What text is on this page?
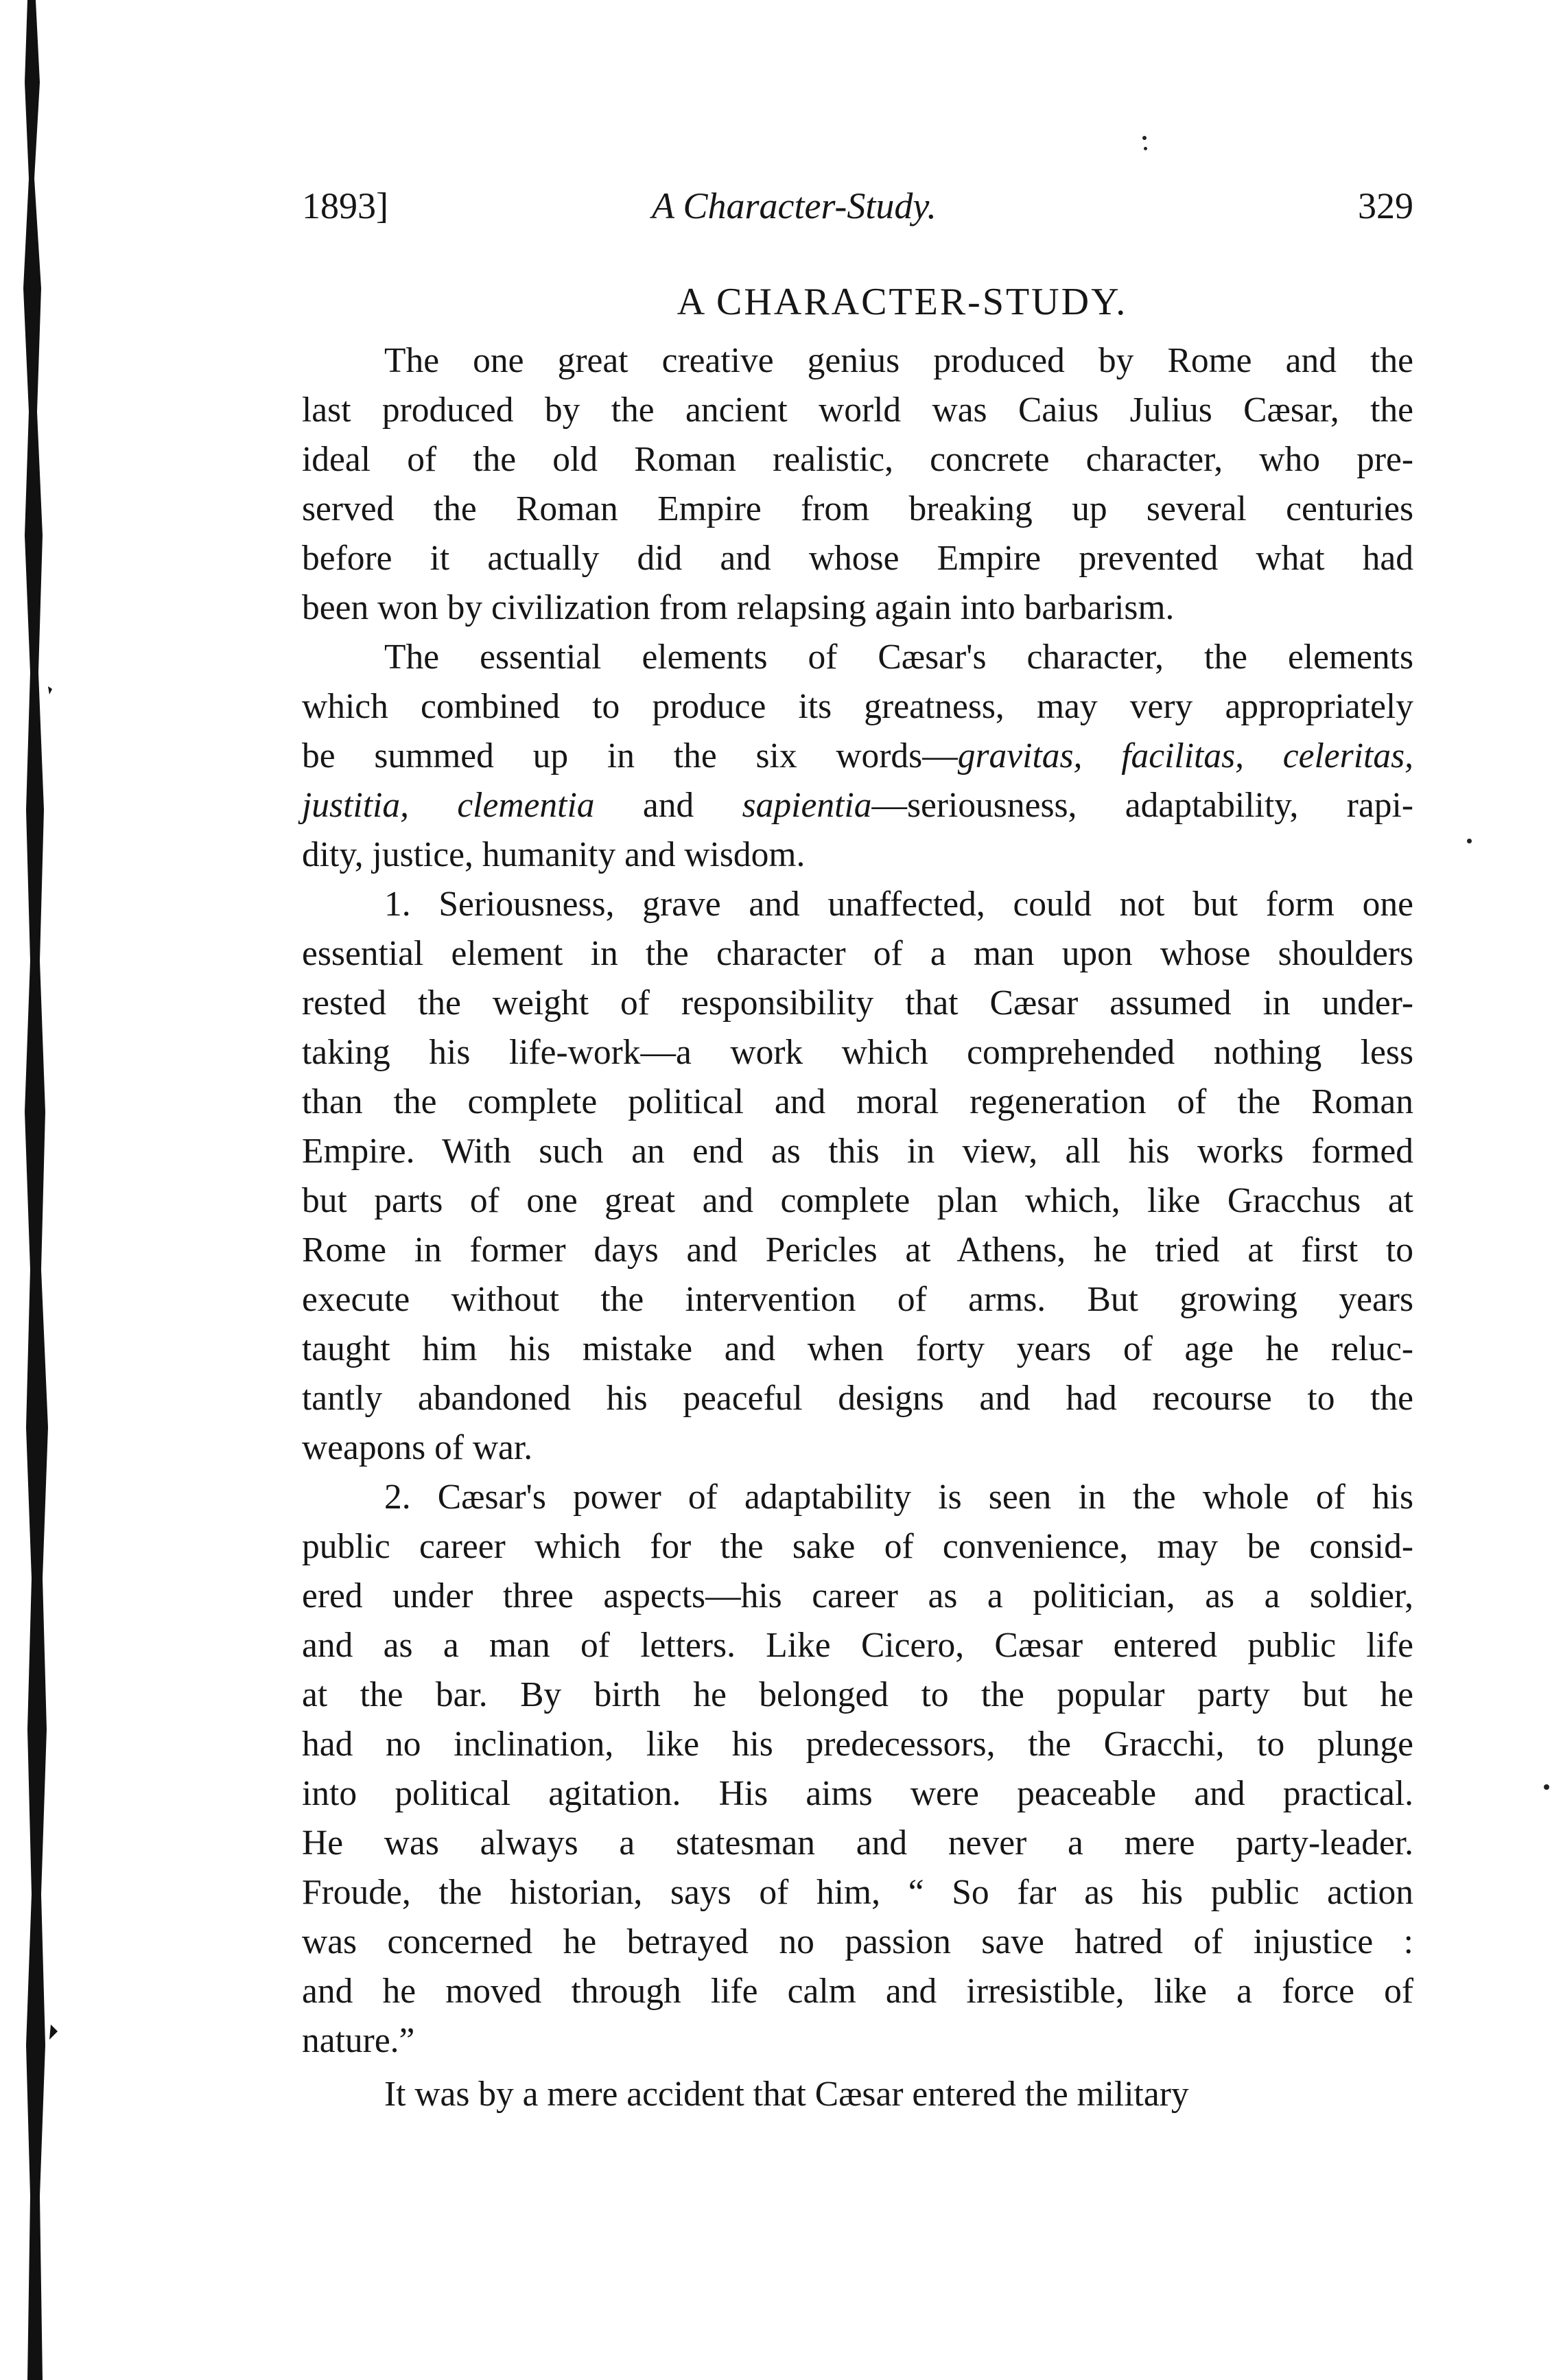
1893]	A Character-Study.	329
A CHARACTER-STUDY.

The one great creative genius produced by Rome and the
last produced by the ancient world was Caius Julius Cæsar, the
ideal of the old Roman realistic, concrete character, who pre-
served the Roman Empire from breaking up several centuries
before it actually did and whose Empire prevented what had
been won by civilization from relapsing again into barbarism.

The essential elements of Cæsar's character, the elements
which combined to produce its greatness, may very appropriately
be summed up in the six words—gravitas, facilitas, celeritas,
justitia, clementia and sapientia—seriousness, adaptability, rapi-
dity, justice, humanity and wisdom.

1. Seriousness, grave and unaffected, could not but form one
essential element in the character of a man upon whose shoulders
rested the weight of responsibility that Cæsar assumed in under-
taking his life-work—a work which comprehended nothing less
than the complete political and moral regeneration of the Roman
Empire. With such an end as this in view, all his works formed
but parts of one great and complete plan which, like Gracchus at
Rome in former days and Pericles at Athens, he tried at first to
execute without the intervention of arms. But growing years
taught him his mistake and when forty years of age he reluc-
tantly abandoned his peaceful designs and had recourse to the
weapons of war.

2. Cæsar's power of adaptability is seen in the whole of his
public career which for the sake of convenience, may be consid-
ered under three aspects—his career as a politician, as a soldier,
and as a man of letters. Like Cicero, Cæsar entered public life
at the bar. By birth he belonged to the popular party but he
had no inclination, like his predecessors, the Gracchi, to plunge
into political agitation. His aims were peaceable and practical.
He was always a statesman and never a mere party-leader.
Froude, the historian, says of him, “ So far as his public action
was concerned he betrayed no passion save hatred of injustice :
and he moved through life calm and irresistible, like a force of
nature.”

It was by a mere accident that Cæsar entered the military
